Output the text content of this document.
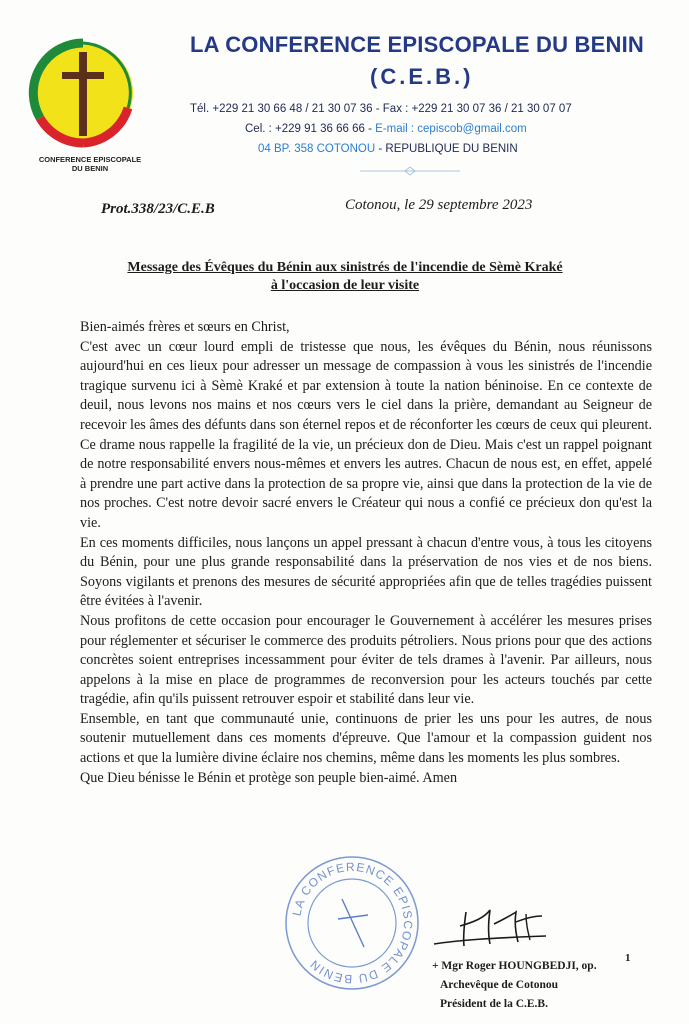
CONFERENCE EPISCOPALE
DU BENIN
LA CONFERENCE EPISCOPALE DU BENIN
(C.E.B.)
Tél. +229 21 30 66 48 / 21 30 07 36 - Fax : +229 21 30 07 36 / 21 30 07 07
Cel. : +229 91 36 66 66 - E-mail : cepiscob@gmail.com
04 BP. 358 COTONOU - REPUBLIQUE DU BENIN
Prot.338/23/C.E.B	Cotonou, le 29 septembre 2023
Message des Évêques du Bénin aux sinistrés de l'incendie de Sèmè Kraké
à l'occasion de leur visite

Bien-aimés frères et sœurs en Christ,

C'est avec un cœur lourd empli de tristesse que nous, les évêques du Bénin, nous réunissons aujourd'hui en ces lieux pour adresser un message de compassion à vous les sinistrés de l'incendie tragique survenu ici à Sèmè Kraké et par extension à toute la nation béninoise. En ce contexte de deuil, nous levons nos mains et nos cœurs vers le ciel dans la prière, demandant au Seigneur de recevoir les âmes des défunts dans son éternel repos et de réconforter les cœurs de ceux qui pleurent.

Ce drame nous rappelle la fragilité de la vie, un précieux don de Dieu. Mais c'est un rappel poignant de notre responsabilité envers nous-mêmes et envers les autres. Chacun de nous est, en effet, appelé à prendre une part active dans la protection de sa propre vie, ainsi que dans la protection de la vie de nos proches. C'est notre devoir sacré envers le Créateur qui nous a confié ce précieux don qu'est la vie.

En ces moments difficiles, nous lançons un appel pressant à chacun d'entre vous, à tous les citoyens du Bénin, pour une plus grande responsabilité dans la préservation de nos vies et de nos biens. Soyons vigilants et prenons des mesures de sécurité appropriées afin que de telles tragédies puissent être évitées à l'avenir.

Nous profitons de cette occasion pour encourager le Gouvernement à accélérer les mesures prises pour réglementer et sécuriser le commerce des produits pétroliers. Nous prions pour que des actions concrètes soient entreprises incessamment pour éviter de tels drames à l'avenir. Par ailleurs, nous appelons à la mise en place de programmes de reconversion pour les acteurs touchés par cette tragédie, afin qu'ils puissent retrouver espoir et stabilité dans leur vie.

Ensemble, en tant que communauté unie, continuons de prier les uns pour les autres, de nous soutenir mutuellement dans ces moments d'épreuve. Que l'amour et la compassion guident nos actions et que la lumière divine éclaire nos chemins, même dans les moments les plus sombres.

Que Dieu bénisse le Bénin et protège son peuple bien-aimé. Amen

LA CONFERENCE EPISCOPALE DU BENIN	+ Mgr Roger HOUNGBEDJI, op.
Archevêque de Cotonou
Président de la C.E.B.
1
